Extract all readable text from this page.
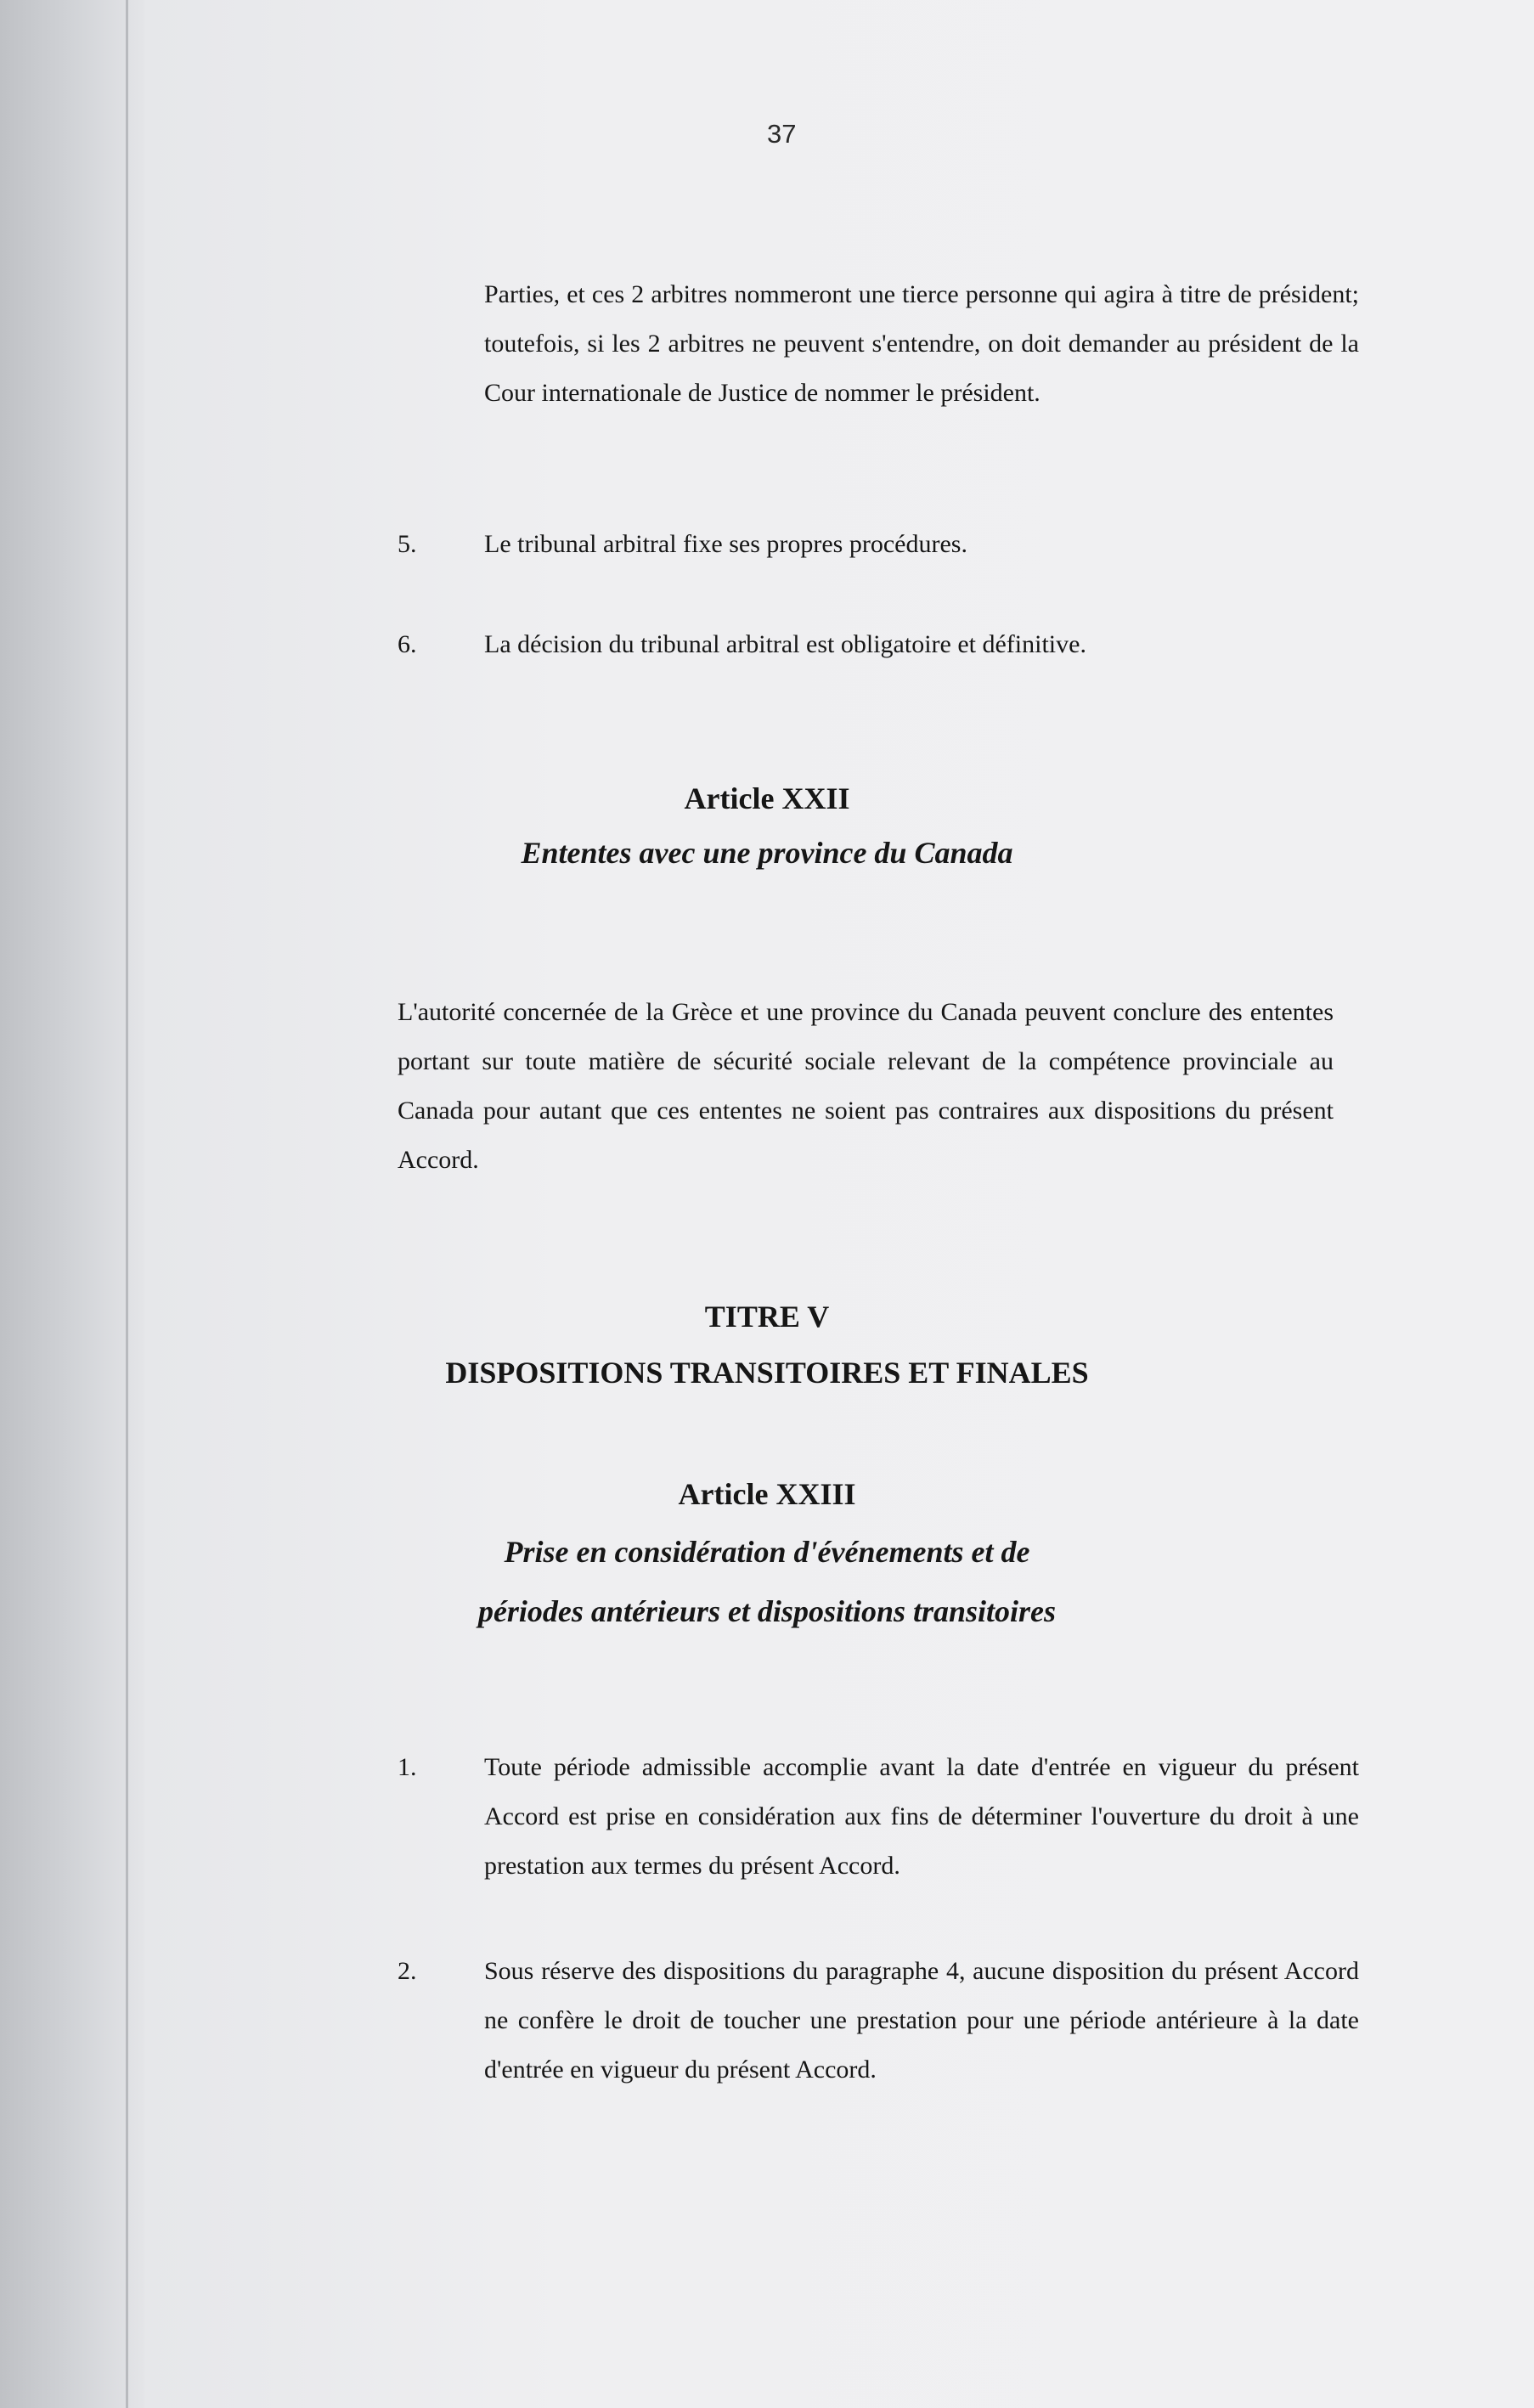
37

Parties, et ces 2 arbitres nommeront une tierce personne qui agira à titre de président; toutefois, si les 2 arbitres ne peuvent s'entendre, on doit demander au président de la Cour internationale de Justice de nommer le président.

5.	Le tribunal arbitral fixe ses propres procédures.

6.	La décision du tribunal arbitral est obligatoire et définitive.

Article XXII
Ententes avec une province du Canada

L'autorité concernée de la Grèce et une province du Canada peuvent conclure des ententes portant sur toute matière de sécurité sociale relevant de la compétence provinciale au Canada pour autant que ces ententes ne soient pas contraires aux dispositions du présent Accord.

TITRE V
DISPOSITIONS TRANSITOIRES ET FINALES
Article XXIII
Prise en considération d'événements et de
périodes antérieurs et dispositions transitoires
1.	Toute période admissible accomplie avant la date d'entrée en vigueur du présent Accord est prise en considération aux fins de déterminer l'ouverture du droit à une prestation aux termes du présent Accord.

2.	Sous réserve des dispositions du paragraphe 4, aucune disposition du présent Accord ne confère le droit de toucher une prestation pour une période antérieure à la date d'entrée en vigueur du présent Accord.
